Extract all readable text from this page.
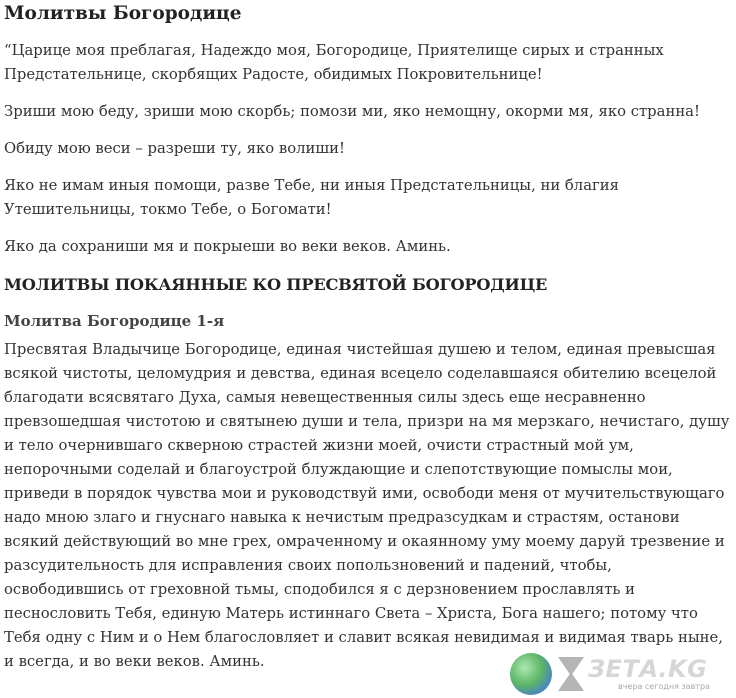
Молитвы Богородице

“Царице моя преблагая, Надеждо моя, Богородице, Приятелище сирых и странных Предстательнице, скорбящих Радосте, обидимых Покровительнице!

Зриши мою беду, зриши мою скорбь; помози ми, яко немощну, окорми мя, яко странна!

Обиду мою веси – разреши ту, яко волиши!

Яко не имам иныя помощи, разве Тебе, ни иныя Предстательницы, ни благия Утешительницы, токмо Тебе, о Богомати!

Яко да сохраниши мя и покрыеши во веки веков. Аминь.

МОЛИТВЫ ПОКАЯННЫЕ КО ПРЕСВЯТОЙ БОГОРОДИЦЕ
Молитва Богородице 1-я

Пресвятая Владычице Богородице, единая чистейшая душею и телом, единая превысшая всякой чистоты, целомудрия и девства, единая всецело соделавшаяся обителию всецелой благодати всясвятаго Духа, самыя невещественныя силы здесь еще несравненно превзошедшая чистотою и святынею души и тела, призри на мя мерзкаго, нечистаго, душу и тело очернившаго скверною страстей жизни моей, очисти страстный мой ум, непорочными соделай и благоустрой блуждающие и слепотствующие помыслы мои, приведи в порядок чувства мои и руководствуй ими, освободи меня от мучительствующаго надо мною злаго и гнуснаго навыка к нечистым предразсудкам и страстям, останови всякий действующий во мне грех, омраченному и окаянному уму моему даруй трезвение и разсудительность для исправления своих попользновений и падений, чтобы, освободившись от греховной тьмы, сподобился я с дерзновением прославлять и песнословить Тебя, единую Матерь истиннаго Света – Христа, Бога нашего; потому что Тебя одну с Ним и о Нем благословляет и славит всякая невидимая и видимая тварь ныне, и всегда, и во веки веков. Аминь.	ЗЕТА.KG
вчера сегодня завтра
